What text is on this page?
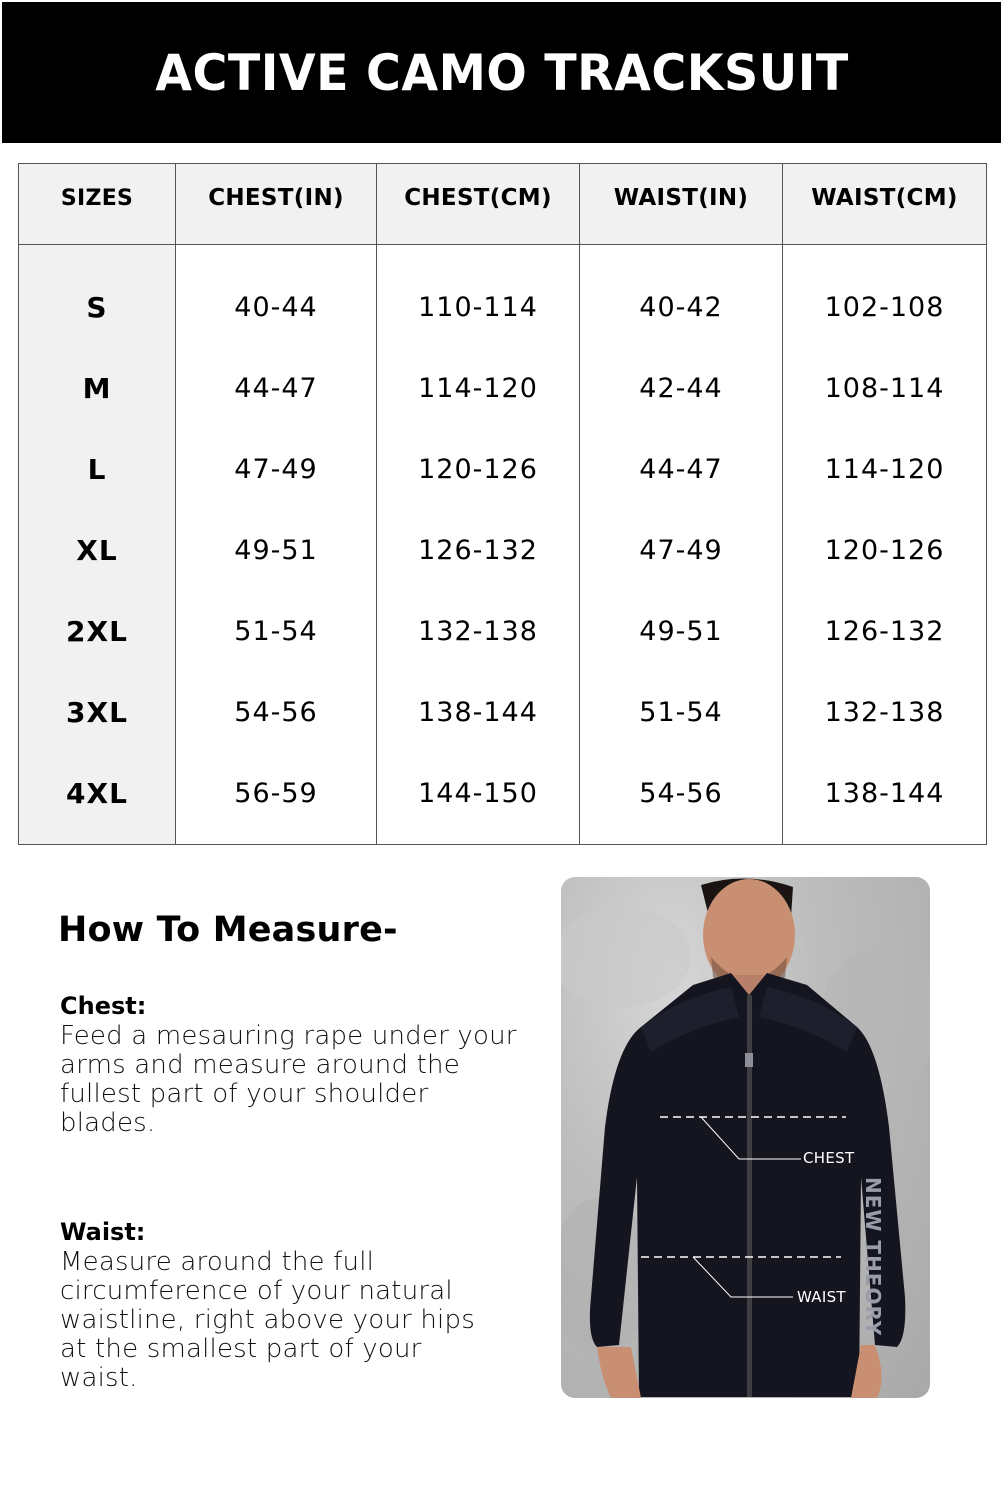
ACTIVE CAMO TRACKSUIT
SIZES	CHEST(IN)	CHEST(CM)	WAIST(IN)	WAIST(CM)
S	40-44	110-114	40-42	102-108
M	44-47	114-120	42-44	108-114
L	47-49	120-126	44-47	114-120
XL	49-51	126-132	47-49	120-126
2XL	51-54	132-138	49-51	126-132
3XL	54-56	138-144	51-54	132-138
4XL	56-59	144-150	54-56	138-144
How To Measure-
Chest:

Feed a mesauring rape under your arms and measure around the fullest part of your shoulder blades.

Waist:

Measure around the full circumference of your natural waistline, right above your hips at the smallest part of your waist.

NEW THEORY
CHEST
WAIST
